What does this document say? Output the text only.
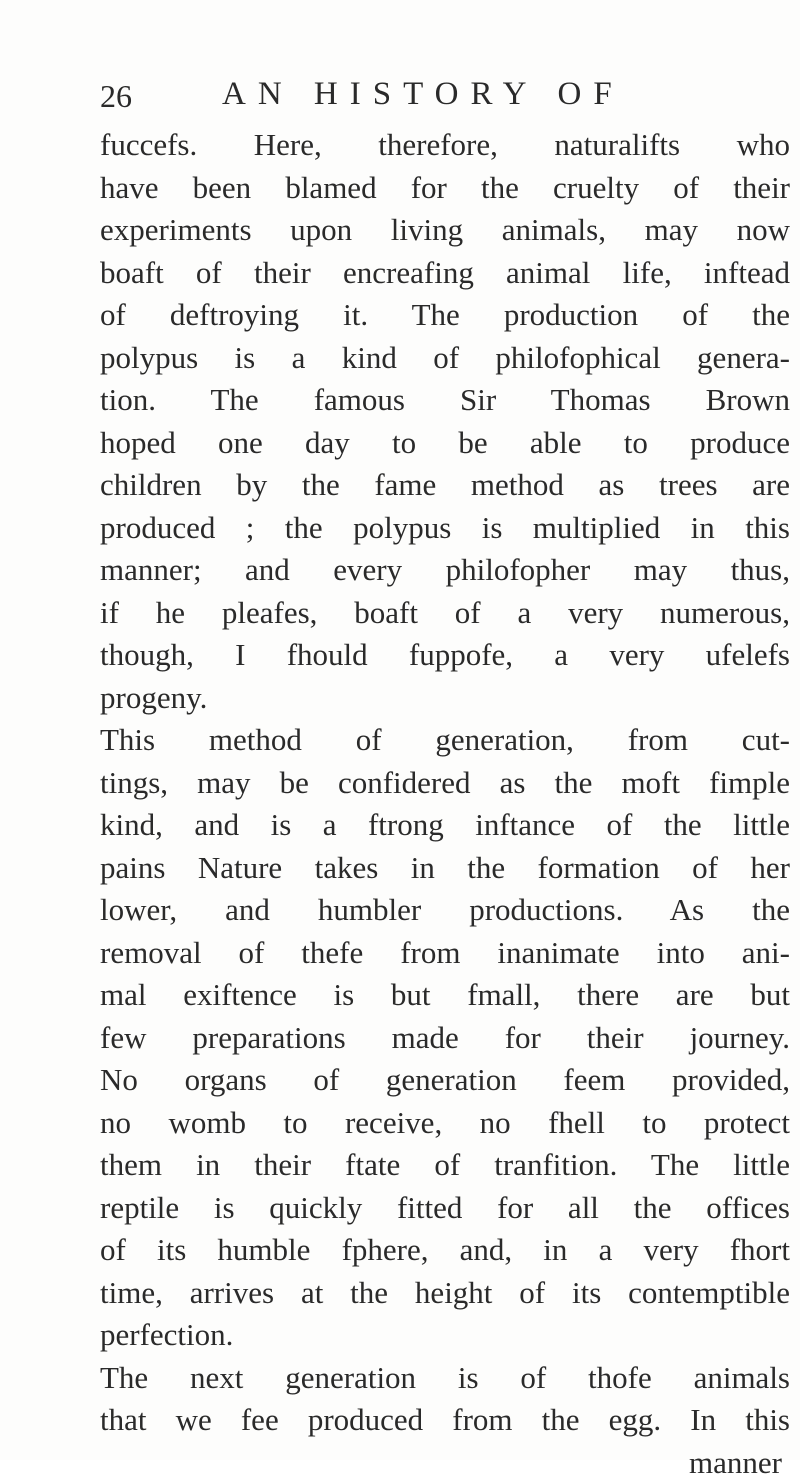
26	AN HISTORY OF
fuccefs. Here, therefore, naturalifts who
have been blamed for the cruelty of their
experiments upon living animals, may now
boaft of their encreafing animal life, inftead
of deftroying it. The production of the
polypus is a kind of philofophical genera-
tion. The famous Sir Thomas Brown
hoped one day to be able to produce
children by the fame method as trees are
produced ; the polypus is multiplied in this
manner; and every philofopher may thus,
if he pleafes, boaft of a very numerous,
though, I fhould fuppofe, a very ufelefs
progeny.
This method of generation, from cut-
tings, may be confidered as the moft fimple
kind, and is a ftrong inftance of the little
pains Nature takes in the formation of her
lower, and humbler productions. As the
removal of thefe from inanimate into ani-
mal exiftence is but fmall, there are but
few preparations made for their journey.
No organs of generation feem provided,
no womb to receive, no fhell to protect
them in their ftate of tranfition. The little
reptile is quickly fitted for all the offices
of its humble fphere, and, in a very fhort
time, arrives at the height of its contemptible
perfection.
The next generation is of thofe animals
that we fee produced from the egg. In this
manner
